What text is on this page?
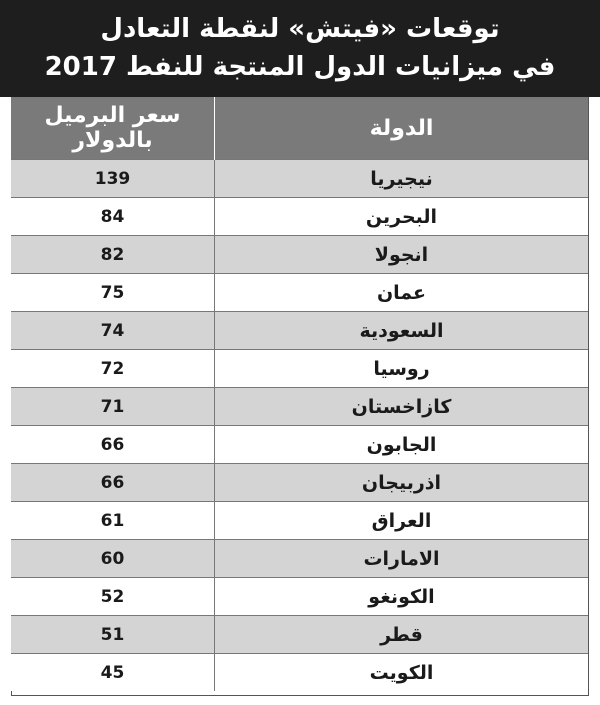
توقعات «فيتش» لنقطة التعادل
في ميزانيات الدول المنتجة للنفط 2017
الدولة	سعر البرميل بالدولار
نيجيريا	139
البحرين	84
انجولا	82
عمان	75
السعودية	74
روسيا	72
كازاخستان	71
الجابون	66
اذربيجان	66
العراق	61
الامارات	60
الكونغو	52
قطر	51
الكويت	45
